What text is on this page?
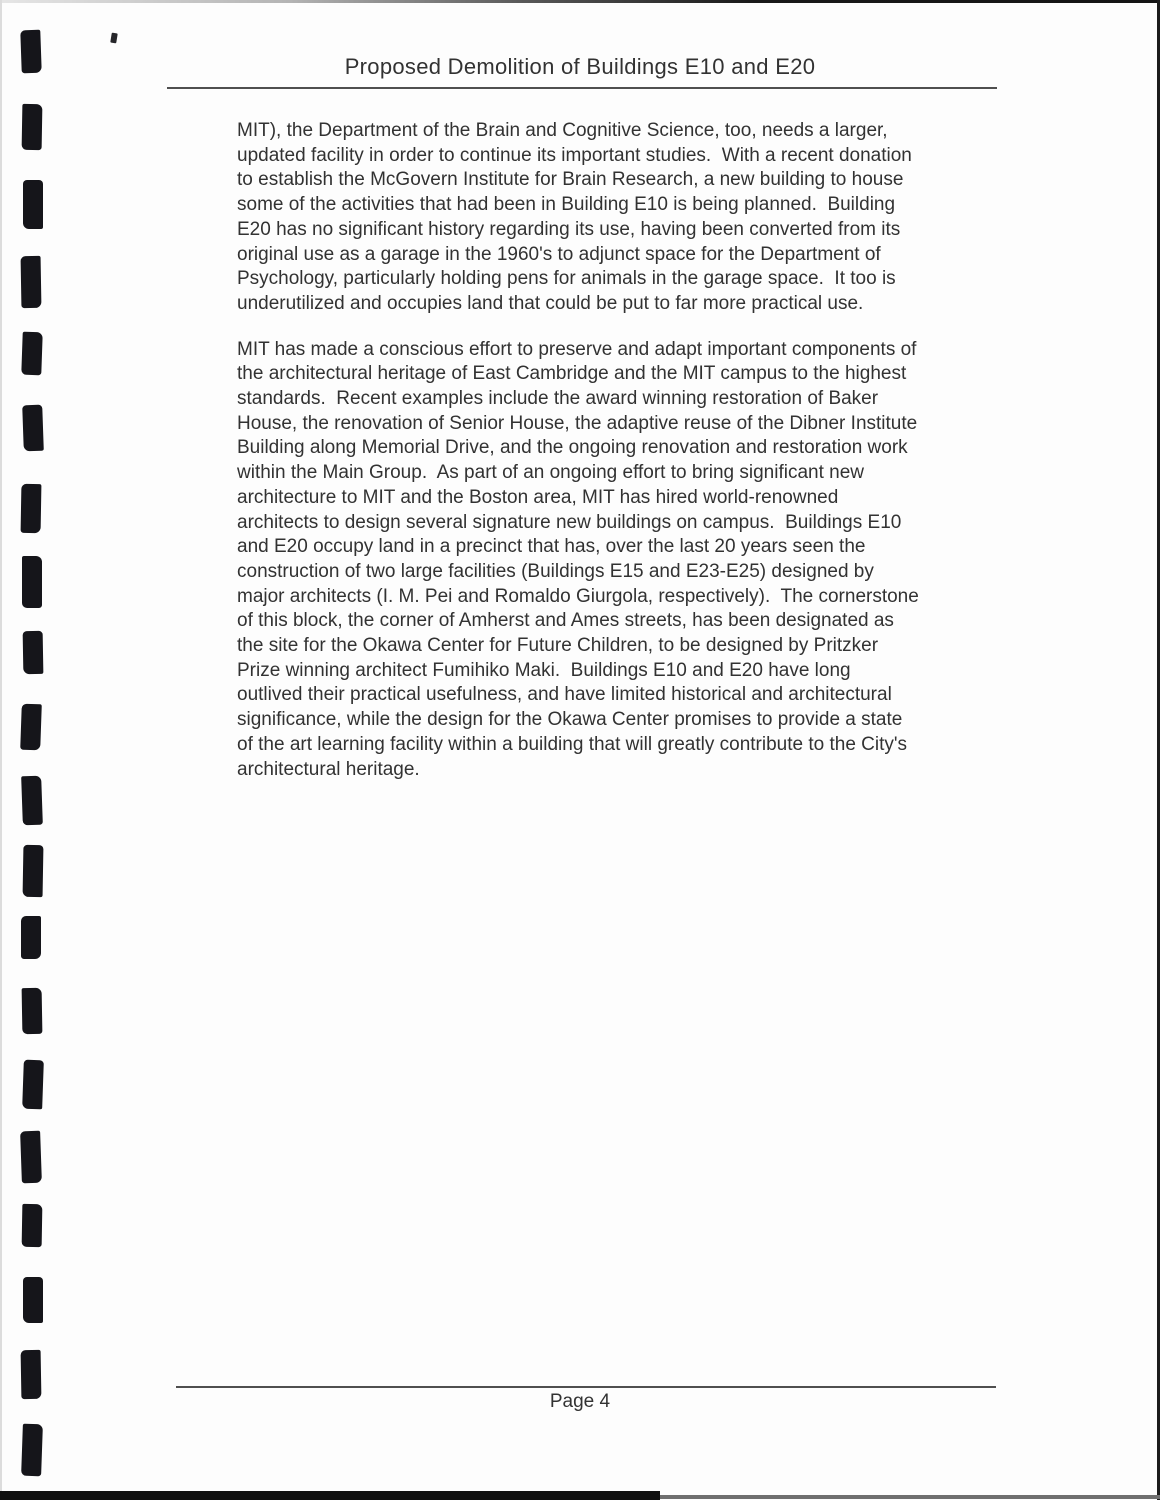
Proposed Demolition of Buildings E10 and E20
MIT), the Department of the Brain and Cognitive Science, too, needs a larger,
updated facility in order to continue its important studies.  With a recent donation
to establish the McGovern Institute for Brain Research, a new building to house
some of the activities that had been in Building E10 is being planned.  Building
E20 has no significant history regarding its use, having been converted from its
original use as a garage in the 1960's to adjunct space for the Department of
Psychology, particularly holding pens for animals in the garage space.  It too is
underutilized and occupies land that could be put to far more practical use.
MIT has made a conscious effort to preserve and adapt important components of
the architectural heritage of East Cambridge and the MIT campus to the highest
standards.  Recent examples include the award winning restoration of Baker
House, the renovation of Senior House, the adaptive reuse of the Dibner Institute
Building along Memorial Drive, and the ongoing renovation and restoration work
within the Main Group.  As part of an ongoing effort to bring significant new
architecture to MIT and the Boston area, MIT has hired world-renowned
architects to design several signature new buildings on campus.  Buildings E10
and E20 occupy land in a precinct that has, over the last 20 years seen the
construction of two large facilities (Buildings E15 and E23-E25) designed by
major architects (I. M. Pei and Romaldo Giurgola, respectively).  The cornerstone
of this block, the corner of Amherst and Ames streets, has been designated as
the site for the Okawa Center for Future Children, to be designed by Pritzker
Prize winning architect Fumihiko Maki.  Buildings E10 and E20 have long
outlived their practical usefulness, and have limited historical and architectural
significance, while the design for the Okawa Center promises to provide a state
of the art learning facility within a building that will greatly contribute to the City's
architectural heritage.
Page 4
